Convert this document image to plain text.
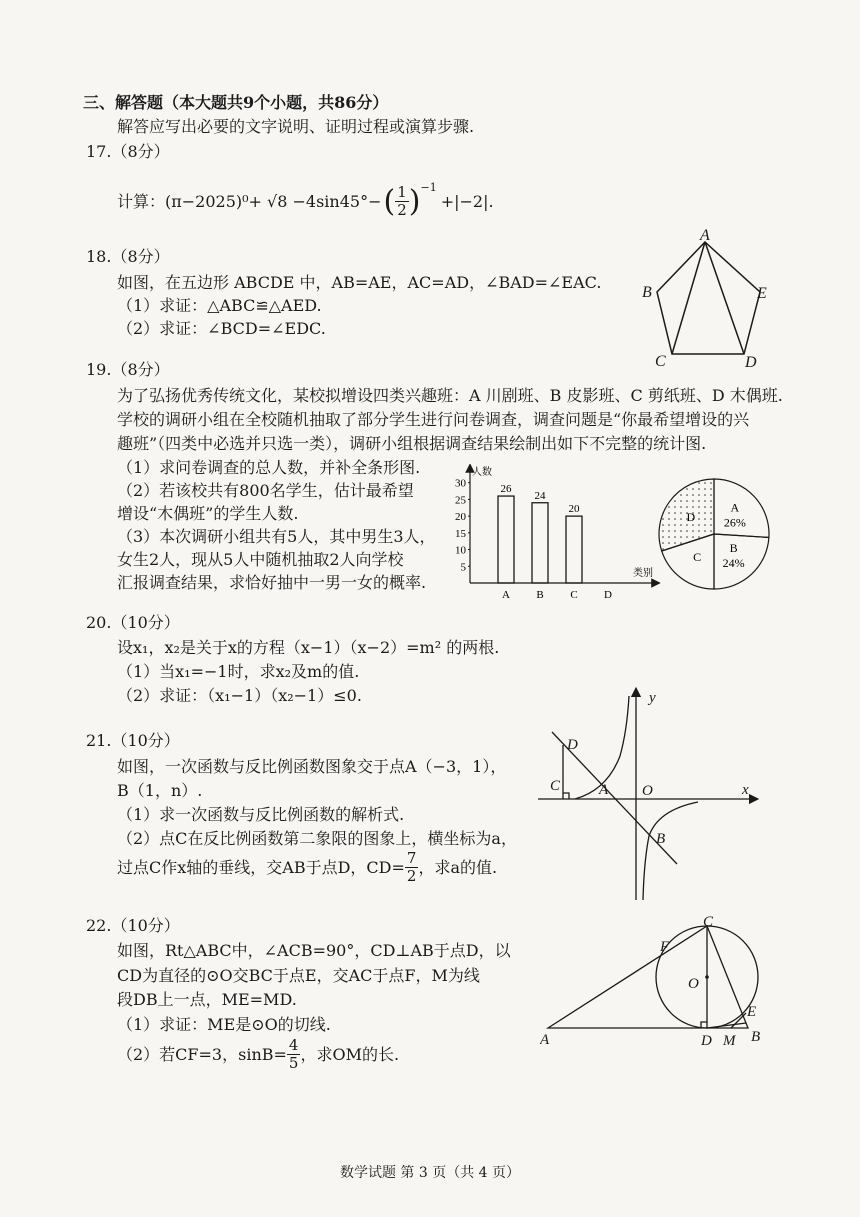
三、解答题（本大题共9个小题，共86分）
解答应写出必要的文字说明、证明过程或演算步骤.
17.（8分）
计算： (π−2025)⁰+ √8 −4sin45°− ( $\frac{1}{2}$ ) −1
+|−2|.
18.（8分）
如图，在五边形 ABCDE 中，AB=AE，AC=AD，∠BAD=∠EAC.
（1）求证：△ABC≌△AED.
（2）求证：∠BCD=∠EDC.
A
B
C	D
E
19.（8分）
为了弘扬优秀传统文化，某校拟增设四类兴趣班：A 川剧班、B 皮影班、C 剪纸班、D 木偶班.
学校的调研小组在全校随机抽取了部分学生进行问卷调查，调查问题是“你最希望增设的兴
趣班”（四类中必选并只选一类），调研小组根据调查结果绘制出如下不完整的统计图.
（1）求问卷调查的总人数，并补全条形图.
（2）若该校共有800名学生，估计最希望
增设“木偶班”的学生人数.
（3）本次调研小组共有5人，其中男生3人，
女生2人，现从5人中随机抽取2人向学校
汇报调查结果，求恰好抽中一男一女的概率.
人数
类别
5
10
15
20
25
30	26
24
20
A B C D
A
26%
B
24%
C
D
20.（10分）
设x₁，x₂是关于x的方程（x−1）（x−2）=m² 的两根.
（1）当x₁=−1时，求x₂及m的值.
（2）求证：（x₁−1）（x₂−1）≤0.
21.（10分）
如图，一次函数与反比例函数图象交于点A（−3，1），
B（1，n）.
（1）求一次函数与反比例函数的解析式.
（2）点C在反比例函数第二象限的图象上，横坐标为a，
过点C作x轴的垂线，交AB于点D，$CD= \frac{7}{2}$ ，求a的值.
y
x
O
A
B
C
D
22.（10分）
如图，Rt△ABC中，∠ACB=90°，CD⊥AB于点D，以
CD为直径的⊙O交BC于点E，交AC于点F，M为线
段DB上一点，ME=MD.
（1）求证：ME是⊙O的切线.
（2）若CF=3，$\sin B= \frac{4}{5}$ ，求OM的长.
A	B
C
D
E
F
M
O
数学试题 第 3 页（共 4 页）
